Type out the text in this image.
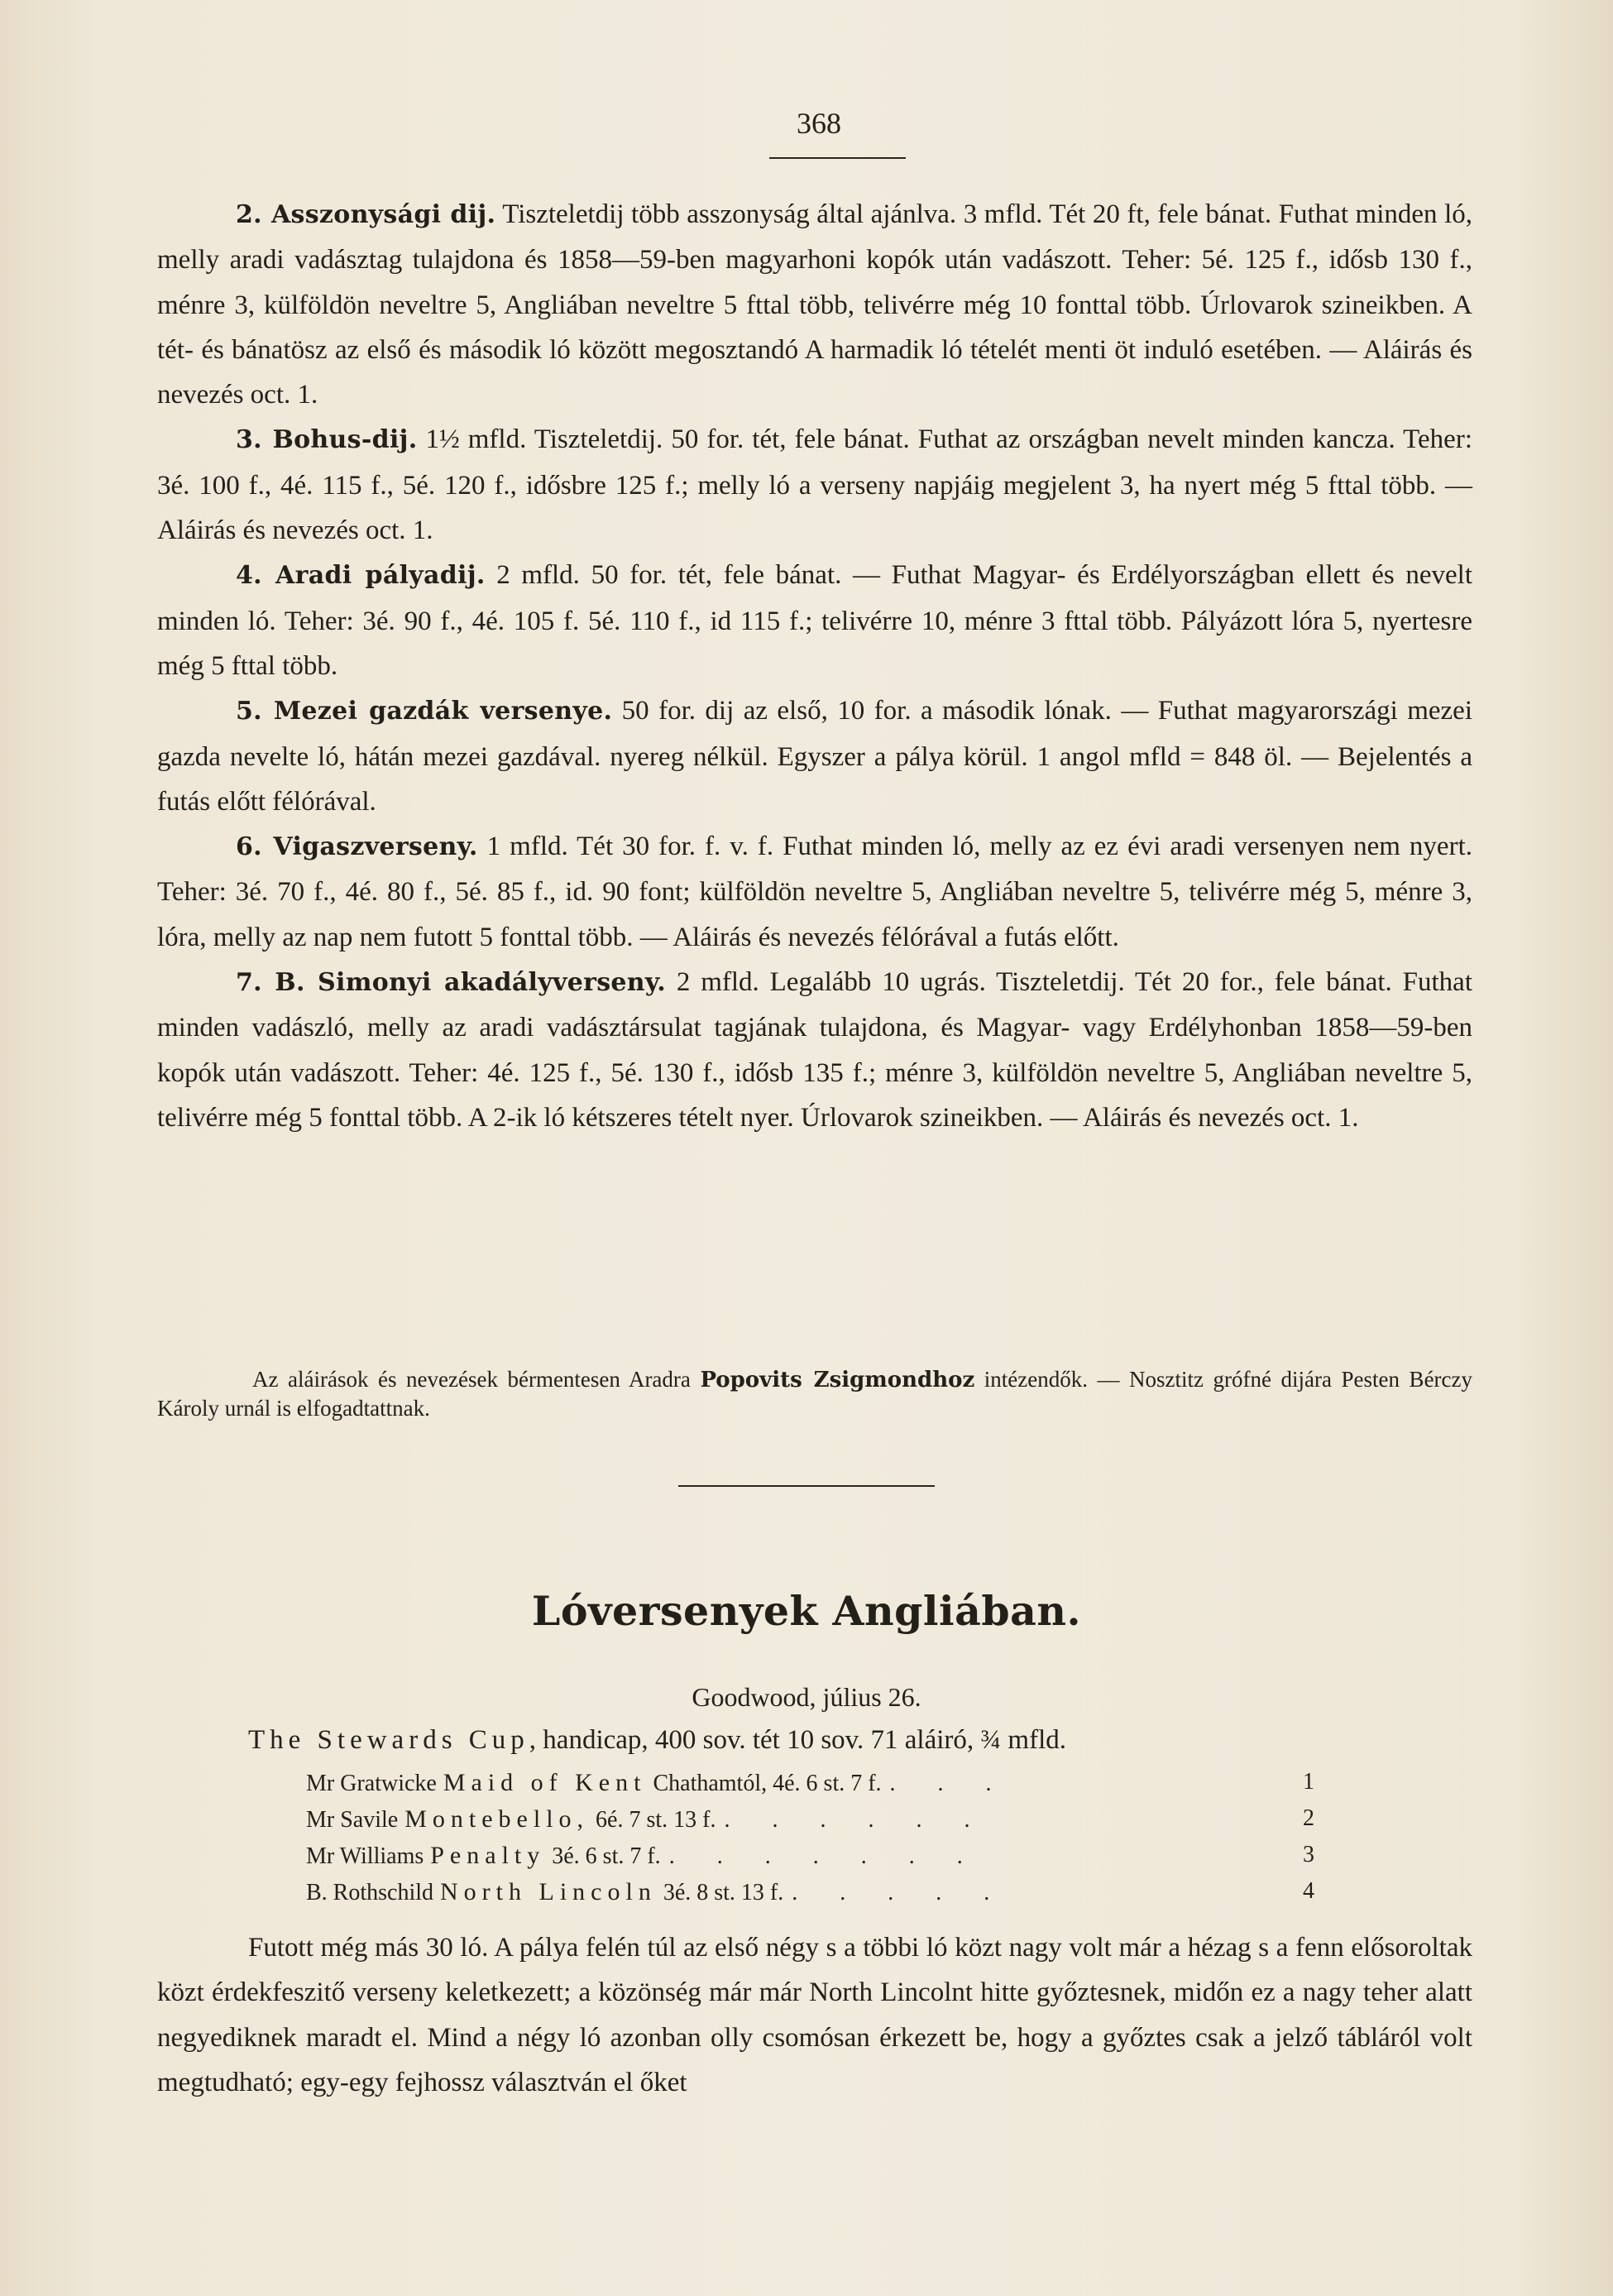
368

2. Asszonysági dij. Tiszteletdij több asszonyság által ajánlva. 3 mfld. Tét 20 ft, fele bánat. Futhat minden ló, melly aradi vadásztag tulajdona és 1858—59-ben magyarhoni kopók után vadászott. Teher: 5é. 125 f., idősb 130 f., ménre 3, külföldön neveltre 5, Angliában neveltre 5 fttal több, telivérre még 10 fonttal több. Úrlovarok szineikben. A tét- és bánatösz az első és második ló között megosztandó A harmadik ló tételét menti öt induló esetében. — Aláirás és nevezés oct. 1.

3. Bohus-dij. 1½ mfld. Tiszteletdij. 50 for. tét, fele bánat. Futhat az országban nevelt minden kancza. Teher: 3é. 100 f., 4é. 115 f., 5é. 120 f., idősbre 125 f.; melly ló a verseny napjáig megjelent 3, ha nyert még 5 fttal több. — Aláirás és nevezés oct. 1.

4. Aradi pályadij. 2 mfld. 50 for. tét, fele bánat. — Futhat Magyar- és Erdélyországban ellett és nevelt minden ló. Teher: 3é. 90 f., 4é. 105 f. 5é. 110 f., id 115 f.; telivérre 10, ménre 3 fttal több. Pályázott lóra 5, nyertesre még 5 fttal több.

5. Mezei gazdák versenye. 50 for. dij az első, 10 for. a második lónak. — Futhat magyarországi mezei gazda nevelte ló, hátán mezei gazdával. nyereg nélkül. Egyszer a pálya körül. 1 angol mfld = 848 öl. — Bejelentés a futás előtt félórával.

6. Vigaszverseny. 1 mfld. Tét 30 for. f. v. f. Futhat minden ló, melly az ez évi aradi versenyen nem nyert. Teher: 3é. 70 f., 4é. 80 f., 5é. 85 f., id. 90 font; külföldön neveltre 5, Angliában neveltre 5, telivérre még 5, ménre 3, lóra, melly az nap nem futott 5 fonttal több. — Aláirás és nevezés félórával a futás előtt.

7. B. Simonyi akadályverseny. 2 mfld. Legalább 10 ugrás. Tiszteletdij. Tét 20 for., fele bánat. Futhat minden vadászló, melly az aradi vadásztársulat tagjának tulajdona, és Magyar- vagy Erdélyhonban 1858—59-ben kopók után vadászott. Teher: 4é. 125 f., 5é. 130 f., idősb 135 f.; ménre 3, külföldön neveltre 5, Angliában neveltre 5, telivérre még 5 fonttal több. A 2-ik ló kétszeres tételt nyer. Úrlovarok szineikben. — Aláirás és nevezés oct. 1.

Az aláirások és nevezések bérmentesen Aradra Popovits Zsigmondhoz intézendők. — Nosztitz grófné dijára Pesten Bérczy Károly urnál is elfogadtattnak.
Lóversenyek Angliában.
Goodwood, július 26.
The Stewards Cup, handicap, 400 sov. tét 10 sov. 71 aláiró, ¾ mfld.
Mr Gratwicke Maid of Kent Chathamtól, 4é. 6 st. 7 f. . . .	1
Mr Savile Montebello, 6é. 7 st. 13 f. . . . . . .	2
Mr Williams Penalty 3é. 6 st. 7 f. . . . . . . .	3
B. Rothschild North Lincoln 3é. 8 st. 13 f. . . . . .	4
Futott még más 30 ló. A pálya felén túl az első négy s a többi ló közt nagy volt már a hézag s a fenn elősoroltak közt érdekfeszitő verseny keletkezett; a közönség már már North Lincolnt hitte győztesnek, midőn ez a nagy teher alatt negyediknek maradt el. Mind a négy ló azonban olly csomósan érkezett be, hogy a győztes csak a jelző tábláról volt megtudható; egy-egy fejhossz választván el őket
